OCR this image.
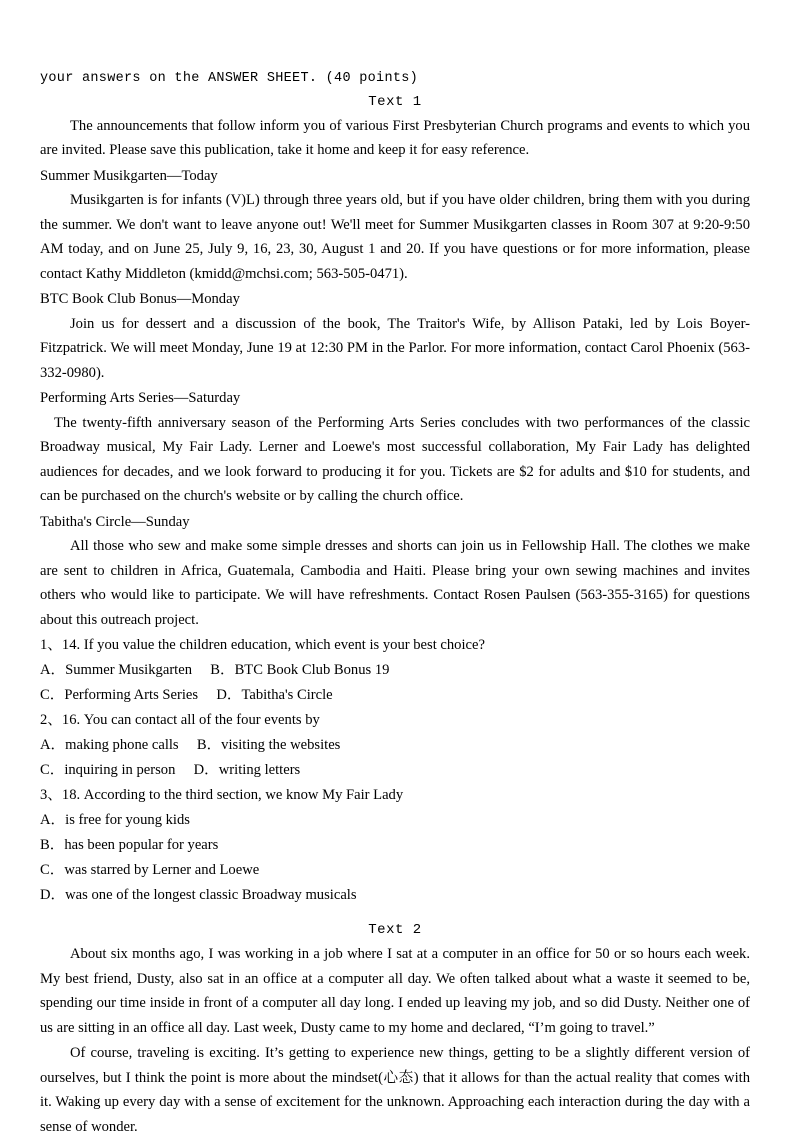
your answers on the ANSWER SHEET. (40 points)
Text 1

The announcements that follow inform you of various First Presbyterian Church programs and events to which you are invited. Please save this publication, take it home and keep it for easy reference.

Summer Musikgarten—Today

Musikgarten is for infants (V)L) through three years old, but if you have older children, bring them with you during the summer. We don't want to leave anyone out! We'll meet for Summer Musikgarten classes in Room 307 at 9:20-9:50 AM today, and on June 25, July 9, 16, 23, 30, August 1 and 20. If you have questions or for more information, please contact Kathy Middleton (kmidd@mchsi.com; 563-505-0471).

BTC Book Club Bonus—Monday

Join us for dessert and a discussion of the book, The Traitor's Wife, by Allison Pataki, led by Lois Boyer-Fitzpatrick. We will meet Monday, June 19 at 12:30 PM in the Parlor. For more information, contact Carol Phoenix (563-332-0980).

Performing Arts Series—Saturday

The twenty-fifth anniversary season of the Performing Arts Series concludes with two performances of the classic Broadway musical, My Fair Lady. Lerner and Loewe's most successful collaboration, My Fair Lady has delighted audiences for decades, and we look forward to producing it for you. Tickets are $2 for adults and $10 for students, and can be purchased on the church's website or by calling the church office.

Tabitha's Circle—Sunday

All those who sew and make some simple dresses and shorts can join us in Fellowship Hall. The clothes we make are sent to children in Africa, Guatemala, Cambodia and Haiti. Please bring your own sewing machines and invites others who would like to participate. We will have refreshments. Contact Rosen Paulsen (563-355-3165) for questions about this outreach project.

1、14. If you value the children education, which event is your best choice?

A．Summer Musikgarten　 B．BTC Book Club Bonus 19

C．Performing Arts Series　 D．Tabitha's Circle

2、16. You can contact all of the four events by

A．making phone calls　 B．visiting the websites

C．inquiring in person　 D．writing letters

3、18. According to the third section, we know My Fair Lady

A．is free for young kids

B．has been popular for years

C．was starred by Lerner and Loewe

D．was one of the longest classic Broadway musicals

Text 2

About six months ago, I was working in a job where I sat at a computer in an office for 50 or so hours each week. My best friend, Dusty, also sat in an office at a computer all day. We often talked about what a waste it seemed to be, spending our time inside in front of a computer all day long. I ended up leaving my job, and so did Dusty. Neither one of us are sitting in an office all day. Last week, Dusty came to my home and declared, “I’m going to travel.”

Of course, traveling is exciting. It’s getting to experience new things, getting to be a slightly different version of ourselves, but I think the point is more about the mindset(心态) that it allows for than the actual reality that comes with it. Waking up every day with a sense of excitement for the unknown. Approaching each interaction during the day with a sense of wonder.
